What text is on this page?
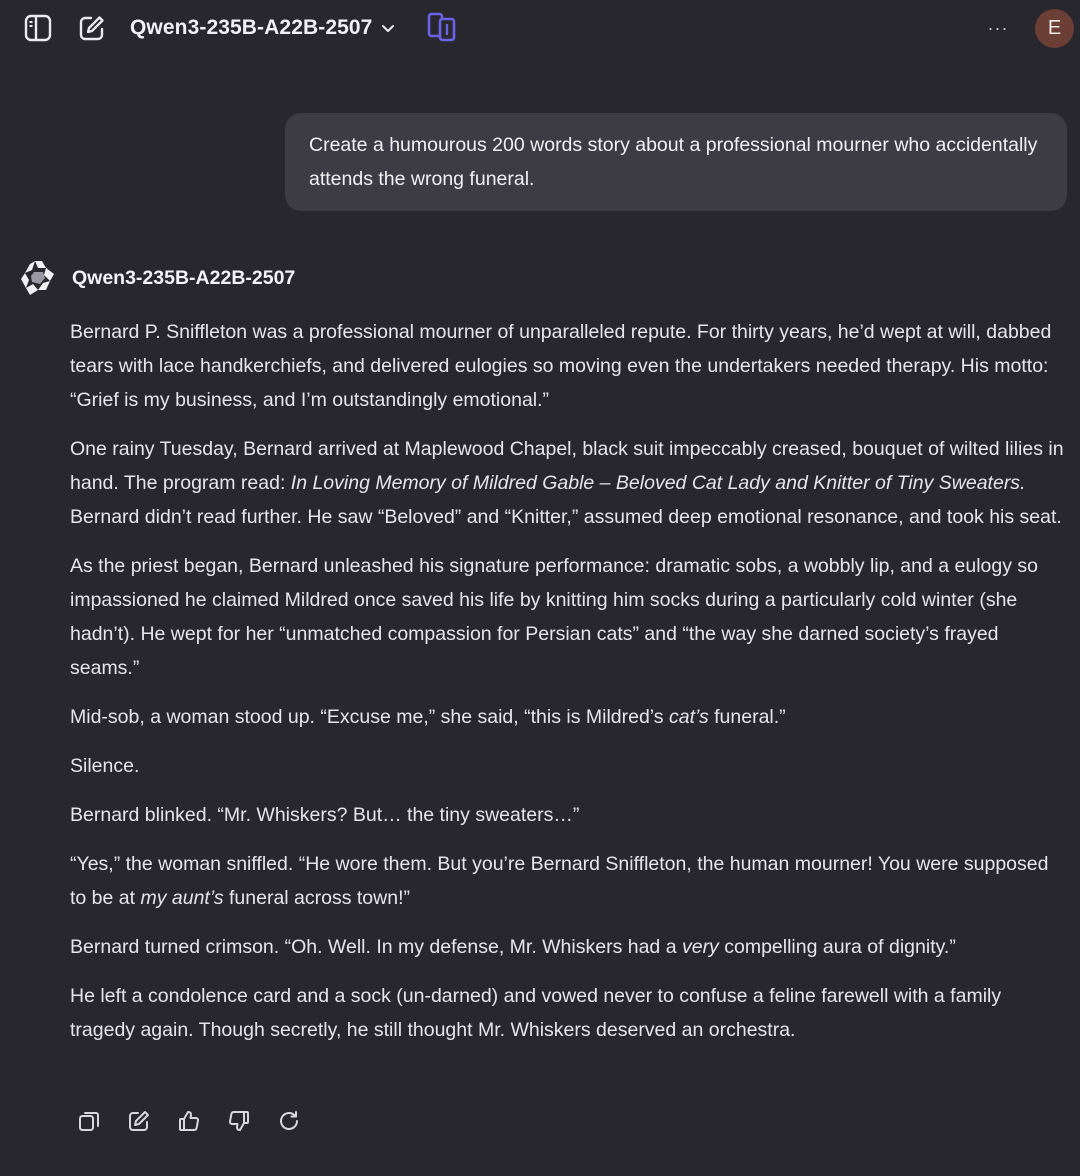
Qwen3-235B-A22B-2507	··· E
Create a humourous 200 words story about a professional mourner who accidentally attends the wrong funeral.
Qwen3-235B-A22B-2507

Bernard P. Sniffleton was a professional mourner of unparalleled repute. For thirty years, he’d wept at will, dabbed tears with lace handkerchiefs, and delivered eulogies so moving even the undertakers needed therapy. His motto: “Grief is my business, and I’m outstandingly emotional.”

One rainy Tuesday, Bernard arrived at Maplewood Chapel, black suit impeccably creased, bouquet of wilted lilies in hand. The program read: In Loving Memory of Mildred Gable – Beloved Cat Lady and Knitter of Tiny Sweaters. Bernard didn’t read further. He saw “Beloved” and “Knitter,” assumed deep emotional resonance, and took his seat.

As the priest began, Bernard unleashed his signature performance: dramatic sobs, a wobbly lip, and a eulogy so impassioned he claimed Mildred once saved his life by knitting him socks during a particularly cold winter (she hadn’t). He wept for her “unmatched compassion for Persian cats” and “the way she darned society’s frayed seams.”

Mid-sob, a woman stood up. “Excuse me,” she said, “this is Mildred’s cat’s funeral.”

Silence.

Bernard blinked. “Mr. Whiskers? But… the tiny sweaters…”

“Yes,” the woman sniffled. “He wore them. But you’re Bernard Sniffleton, the human mourner! You were supposed to be at my aunt’s funeral across town!”

Bernard turned crimson. “Oh. Well. In my defense, Mr. Whiskers had a very compelling aura of dignity.”

He left a condolence card and a sock (un-darned) and vowed never to confuse a feline farewell with a family tragedy again. Though secretly, he still thought Mr. Whiskers deserved an orchestra.
